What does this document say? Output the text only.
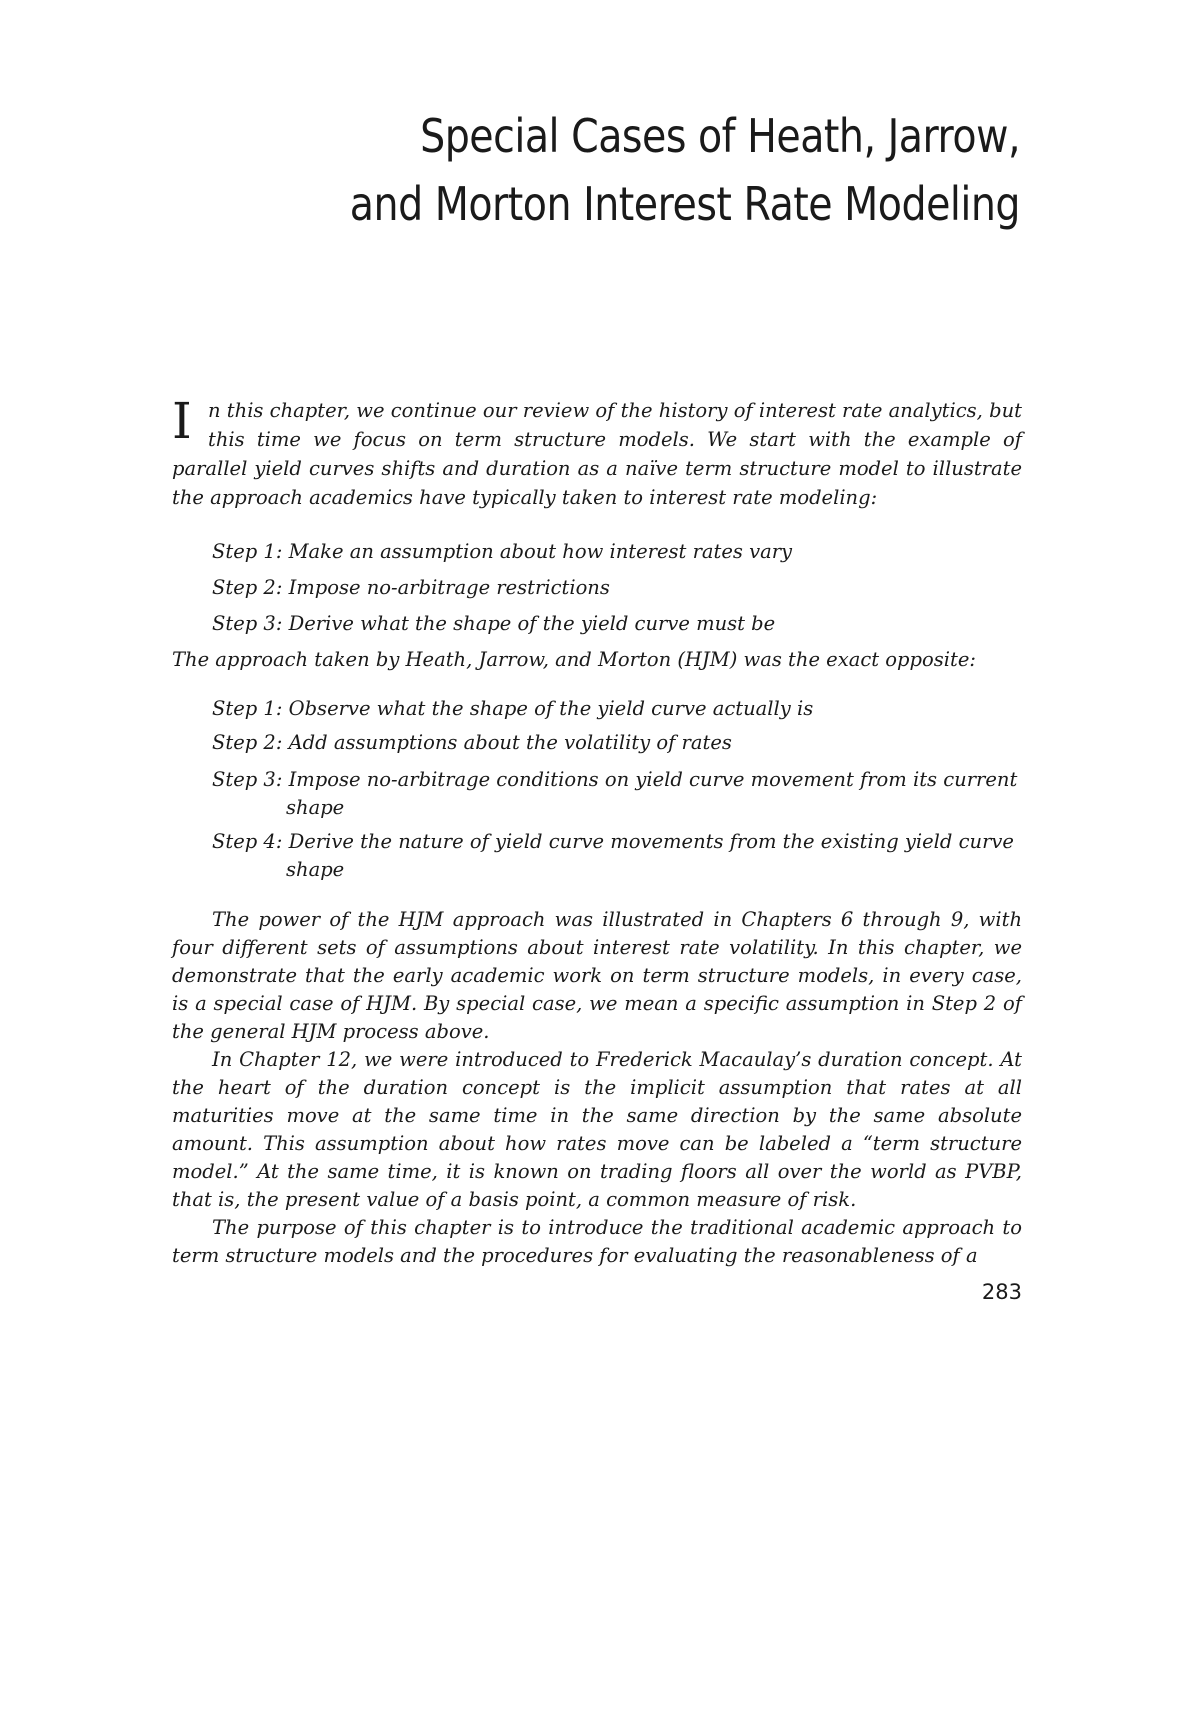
Special Cases of Heath, Jarrow,
and Morton Interest Rate Modeling

In this chapter, we continue our review of the history of interest rate analytics, but this time we focus on term structure models. We start with the example of parallel yield curves shifts and duration as a naïve term structure model to illustrate the approach academics have typically taken to interest rate modeling:

Step 1: Make an assumption about how interest rates vary

Step 2: Impose no-arbitrage restrictions

Step 3: Derive what the shape of the yield curve must be

The approach taken by Heath, Jarrow, and Morton (HJM) was the exact opposite:

Step 1: Observe what the shape of the yield curve actually is

Step 2: Add assumptions about the volatility of rates

Step 3: Impose no-arbitrage conditions on yield curve movement from its current shape

Step 4: Derive the nature of yield curve movements from the existing yield curve shape

The power of the HJM approach was illustrated in Chapters 6 through 9, with four different sets of assumptions about interest rate volatility. In this chapter, we demonstrate that the early academic work on term structure models, in every case, is a special case of HJM. By special case, we mean a specific assumption in Step 2 of the general HJM process above.

In Chapter 12, we were introduced to Frederick Macaulay’s duration concept. At the heart of the duration concept is the implicit assumption that rates at all maturities move at the same time in the same direction by the same absolute amount. This assumption about how rates move can be labeled a “term structure model.” At the same time, it is known on trading floors all over the world as PVBP, that is, the present value of a basis point, a common measure of risk.

The purpose of this chapter is to introduce the traditional academic approach to term structure models and the procedures for evaluating the reasonableness of a

283
